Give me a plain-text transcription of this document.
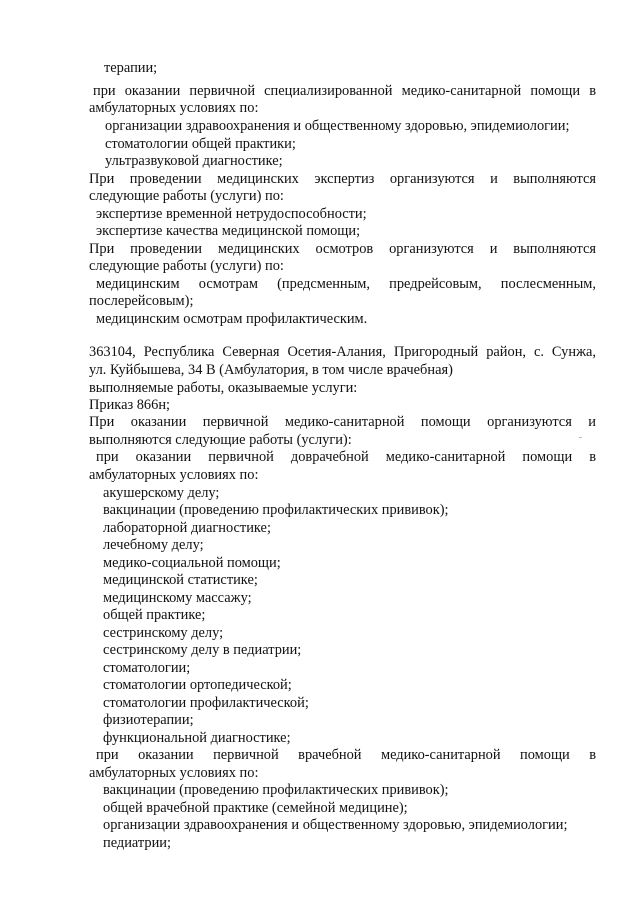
терапии;
при оказании первичной специализированной медико-санитарной помощи в
амбулаторных условиях по:
организации здравоохранения и общественному здоровью, эпидемиологии;
стоматологии общей практики;
ультразвуковой диагностике;
При проведении медицинских экспертиз организуются и выполняются
следующие работы (услуги) по:
экспертизе временной нетрудоспособности;
экспертизе качества медицинской помощи;
При проведении медицинских осмотров организуются и выполняются
следующие работы (услуги) по:
медицинским осмотрам (предсменным, предрейсовым, послесменным,
послерейсовым);
медицинским осмотрам профилактическим.
363104, Республика Северная Осетия-Алания, Пригородный район, с. Сунжа,
ул. Куйбышева, 34 В (Амбулатория, в том числе врачебная)
выполняемые работы, оказываемые услуги:
Приказ 866н;
При оказании первичной медико-санитарной помощи организуются и
выполняются следующие работы (услуги):
при оказании первичной доврачебной медико-санитарной помощи в
амбулаторных условиях по:
акушерскому делу;
вакцинации (проведению профилактических прививок);
лабораторной диагностике;
лечебному делу;
медико-социальной помощи;
медицинской статистике;
медицинскому массажу;
общей практике;
сестринскому делу;
сестринскому делу в педиатрии;
стоматологии;
стоматологии ортопедической;
стоматологии профилактической;
физиотерапии;
функциональной диагностике;
при оказании первичной врачебной медико-санитарной помощи в
амбулаторных условиях по:
вакцинации (проведению профилактических прививок);
общей врачебной практике (семейной медицине);
организации здравоохранения и общественному здоровью, эпидемиологии;
педиатрии;
